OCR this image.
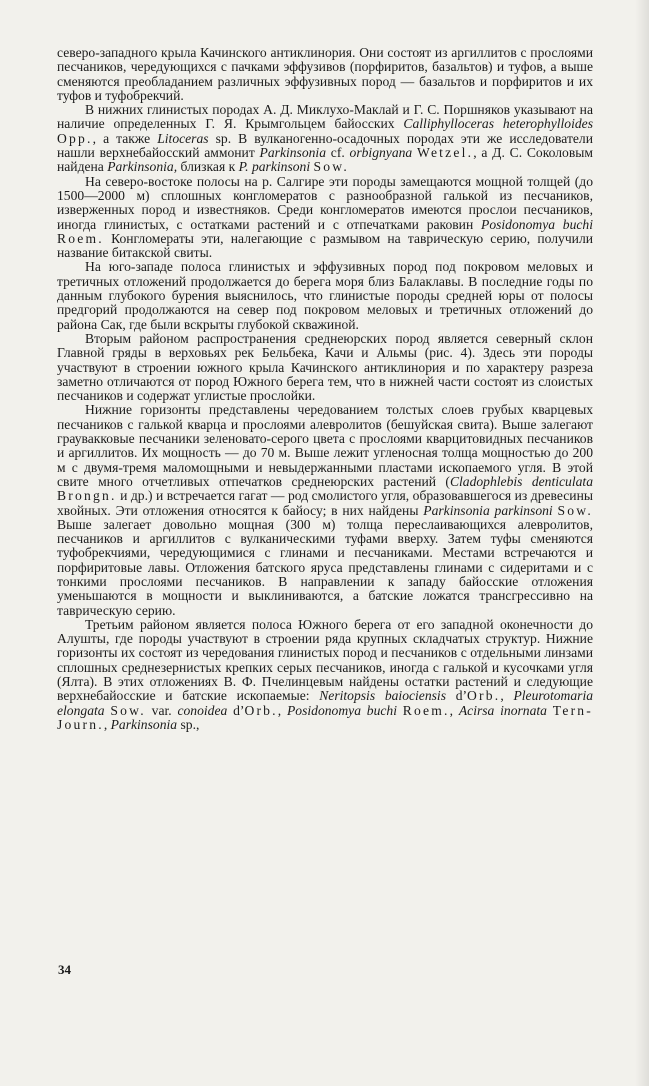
северо-западного крыла Качинского антиклинория. Они состоят из аргиллитов с прослоями песчаников, чередующихся с пачками эффузивов (порфиритов, базальтов) и туфов, а выше сменяются преобладанием различных эффузивных пород — базальтов и порфиритов и их туфов и туфобрекчий.

В нижних глинистых породах А. Д. Миклухо-Маклай и Г. С. Поршняков указывают на наличие определенных Г. Я. Крымгольцем байосских Calliphylloceras heterophylloides Opp., а также Litoceras sp. В вулканогенно-осадочных породах эти же исследователи нашли верхнебайосский аммонит Parkinsonia cf. orbignyana Wetzel., а Д. С. Соколовым найдена Parkinsonia, близкая к P. parkinsoni Sow.

На северо-востоке полосы на р. Салгире эти породы замещаются мощной толщей (до 1500—2000 м) сплошных конгломератов с разнообразной галькой из песчаников, изверженных пород и известняков. Среди конгломератов имеются прослои песчаников, иногда глинистых, с остатками растений и с отпечатками раковин Posidonomya buchi Roem. Конгломераты эти, налегающие с размывом на таврическую серию, получили название битакской свиты.

На юго-западе полоса глинистых и эффузивных пород под покровом меловых и третичных отложений продолжается до берега моря близ Балаклавы. В последние годы по данным глубокого бурения выяснилось, что глинистые породы средней юры от полосы предгорий продолжаются на север под покровом меловых и третичных отложений до района Сак, где были вскрыты глубокой скважиной.

Вторым районом распространения среднеюрских пород является северный склон Главной гряды в верховьях рек Бельбека, Качи и Альмы (рис. 4). Здесь эти породы участвуют в строении южного крыла Качинского антиклинория и по характеру разреза заметно отличаются от пород Южного берега тем, что в нижней части состоят из слоистых песчаников и содержат углистые прослойки.

Нижние горизонты представлены чередованием толстых слоев грубых кварцевых песчаников с галькой кварца и прослоями алевролитов (бешуйская свита). Выше залегают граувакковые песчаники зеленовато-серого цвета с прослоями кварцитовидных песчаников и аргиллитов. Их мощность — до 70 м. Выше лежит угленосная толща мощностью до 200 м с двумя-тремя маломощными и невыдержанными пластами ископаемого угля. В этой свите много отчетливых отпечатков среднеюрских растений (Cladophlebis denticulata Brongn. и др.) и встречается гагат — род смолистого угля, образовавшегося из древесины хвойных. Эти отложения относятся к байосу; в них найдены Parkinsonia parkinsoni Sow. Выше залегает довольно мощная (300 м) толща переслаивающихся алевролитов, песчаников и аргиллитов с вулканическими туфами вверху. Затем туфы сменяются туфобрекчиями, чередующимися с глинами и песчаниками. Местами встречаются и порфиритовые лавы. Отложения батского яруса представлены глинами с сидеритами и с тонкими прослоями песчаников. В направлении к западу байосские отложения уменьшаются в мощности и выклиниваются, а батские ложатся трансгрессивно на таврическую серию.

Третьим районом является полоса Южного берега от его западной оконечности до Алушты, где породы участвуют в строении ряда крупных складчатых структур. Нижние горизонты их состоят из чередования глинистых пород и песчаников с отдельными линзами сплошных среднезернистых крепких серых песчаников, иногда с галькой и кусочками угля (Ялта). В этих отложениях В. Ф. Пчелинцевым найдены остатки растений и следующие верхнебайосские и батские ископаемые: Neritopsis baiociensis d’Orb., Pleurotomaria elongata Sow. var. conoidea d’Orb., Posidonomya buchi Roem., Acirsa inornata Tern-Journ., Parkinsonia sp.,

34
